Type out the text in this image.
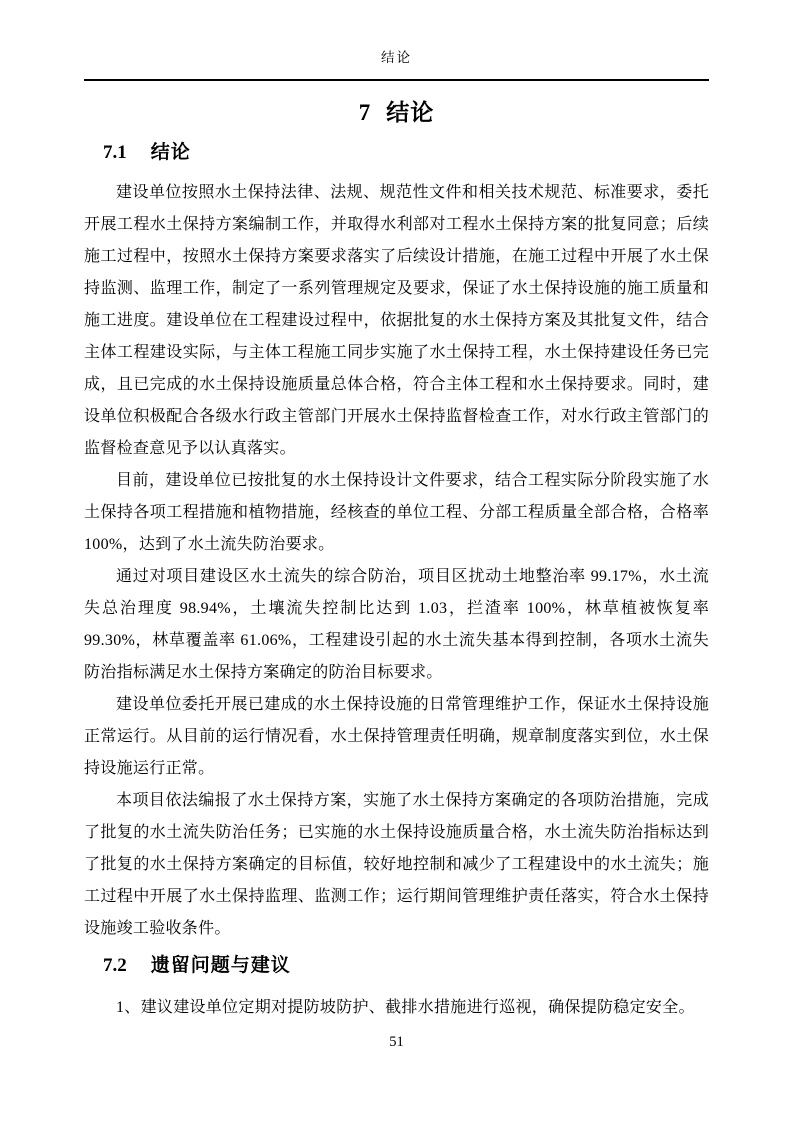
结论
7 结论
7.1 结论

建设单位按照水土保持法律、法规、规范性文件和相关技术规范、标准要求，委托开展工程水土保持方案编制工作，并取得水利部对工程水土保持方案的批复同意；后续施工过程中，按照水土保持方案要求落实了后续设计措施，在施工过程中开展了水土保持监测、监理工作，制定了一系列管理规定及要求，保证了水土保持设施的施工质量和施工进度。建设单位在工程建设过程中，依据批复的水土保持方案及其批复文件，结合主体工程建设实际，与主体工程施工同步实施了水土保持工程，水土保持建设任务已完成，且已完成的水土保持设施质量总体合格，符合主体工程和水土保持要求。同时，建设单位积极配合各级水行政主管部门开展水土保持监督检查工作，对水行政主管部门的监督检查意见予以认真落实。

目前，建设单位已按批复的水土保持设计文件要求，结合工程实际分阶段实施了水土保持各项工程措施和植物措施，经核查的单位工程、分部工程质量全部合格，合格率100%，达到了水土流失防治要求。

通过对项目建设区水土流失的综合防治，项目区扰动土地整治率 99.17%，水土流失总治理度 98.94%，土壤流失控制比达到 1.03，拦渣率 100%，林草植被恢复率 99.30%，林草覆盖率 61.06%，工程建设引起的水土流失基本得到控制，各项水土流失防治指标满足水土保持方案确定的防治目标要求。

建设单位委托开展已建成的水土保持设施的日常管理维护工作，保证水土保持设施正常运行。从目前的运行情况看，水土保持管理责任明确，规章制度落实到位，水土保持设施运行正常。

本项目依法编报了水土保持方案，实施了水土保持方案确定的各项防治措施，完成了批复的水土流失防治任务；已实施的水土保持设施质量合格，水土流失防治指标达到了批复的水土保持方案确定的目标值，较好地控制和减少了工程建设中的水土流失；施工过程中开展了水土保持监理、监测工作；运行期间管理维护责任落实，符合水土保持设施竣工验收条件。

7.2 遗留问题与建议

1、建议建设单位定期对提防坡防护、截排水措施进行巡视，确保提防稳定安全。

51
